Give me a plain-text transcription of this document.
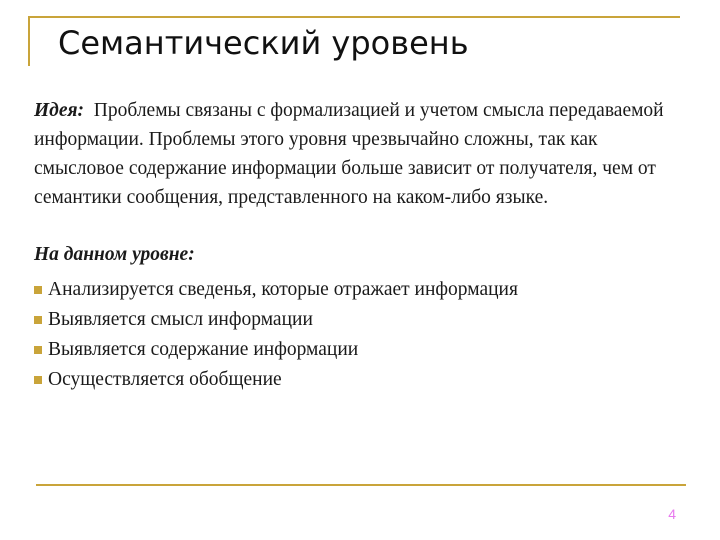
Семантический уровень
Идея: Проблемы связаны с формализацией и учетом смысла передаваемой информации. Проблемы этого уровня чрезвычайно сложны, так как смысловое содержание информации больше зависит от получателя, чем от семантики сообщения, представленного на каком-либо языке.
На данном уровне:
Анализируется сведенья, которые отражает информация
Выявляется смысл информации
Выявляется содержание информации
Осуществляется обобщение
4
